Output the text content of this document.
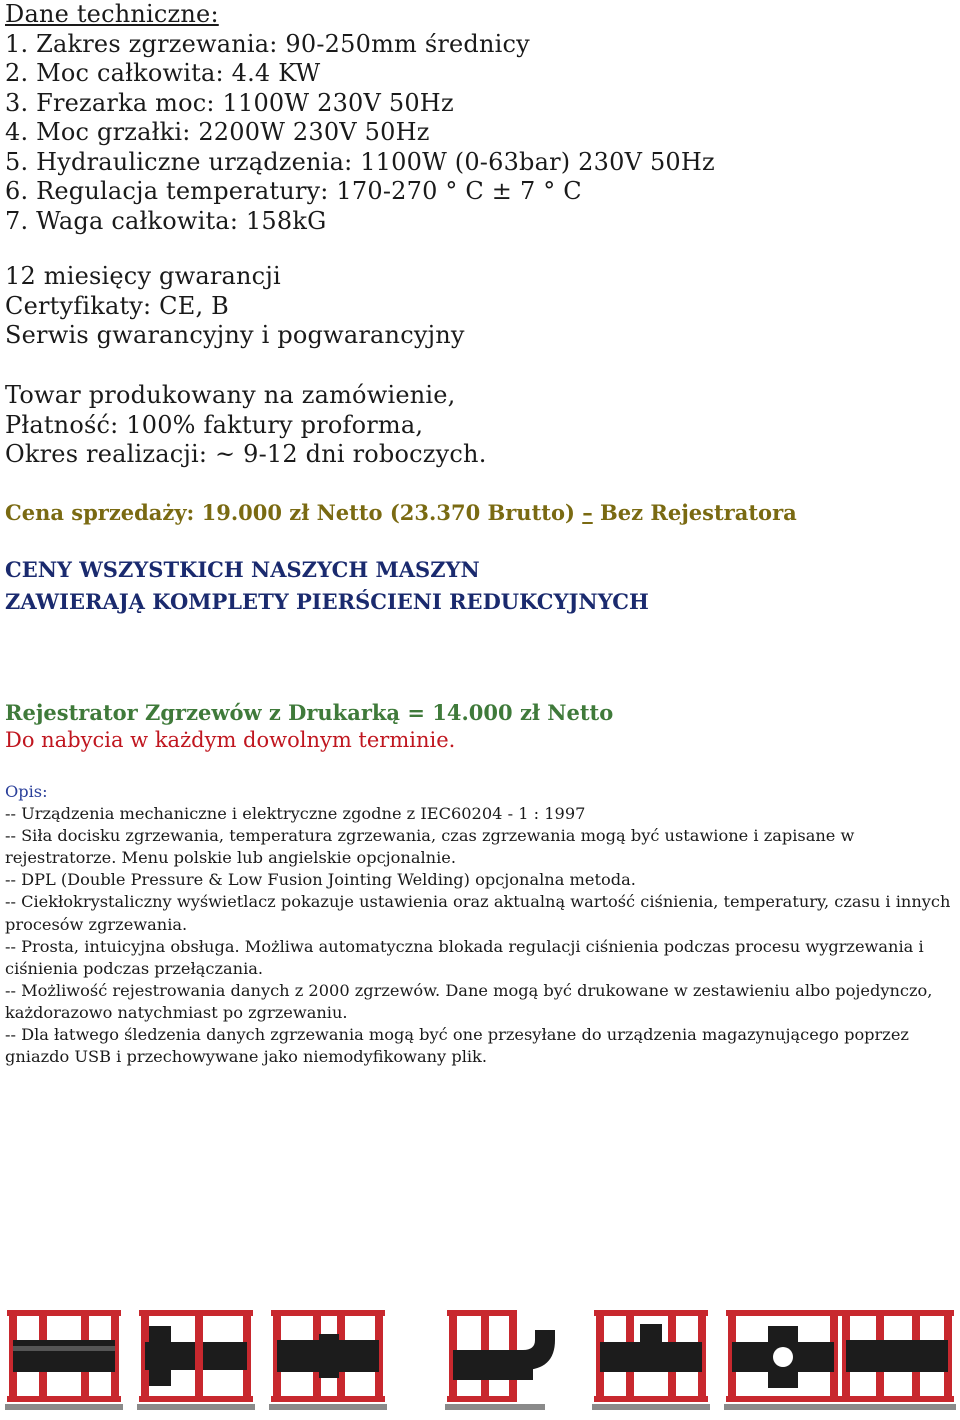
Dane techniczne:
1. Zakres zgrzewania: 90-250mm średnicy
2. Moc całkowita: 4.4 KW
3. Frezarka moc: 1100W 230V 50Hz
4. Moc grzałki: 2200W 230V 50Hz
5. Hydrauliczne urządzenia: 1100W (0-63bar) 230V 50Hz
6. Regulacja temperatury: 170-270 ° C ± 7 ° C
7. Waga całkowita: 158kG
12 miesięcy gwarancji
Certyfikaty: CE, B
Serwis gwarancyjny i pogwarancyjny
Towar produkowany na zamówienie,
Płatność: 100% faktury proforma,
Okres realizacji: ~ 9-12 dni roboczych.
Cena sprzedaży: 19.000 zł Netto (23.370 Brutto) – Bez Rejestratora
CENY WSZYSTKICH NASZYCH MASZYN
ZAWIERAJĄ KOMPLETY PIERŚCIENI REDUKCYJNYCH
Rejestrator Zgrzewów z Drukarką = 14.000 zł Netto
Do nabycia w każdym dowolnym terminie.
Opis:
-- Urządzenia mechaniczne i elektryczne zgodne z IEC60204 - 1 : 1997
-- Siła docisku zgrzewania, temperatura zgrzewania, czas zgrzewania mogą być ustawione i zapisane w rejestratorze. Menu polskie lub angielskie opcjonalnie.
-- DPL (Double Pressure & Low Fusion Jointing Welding) opcjonalna metoda.
-- Ciekłokrystaliczny wyświetlacz pokazuje ustawienia oraz aktualną wartość ciśnienia, temperatury, czasu i innych procesów zgrzewania.
-- Prosta, intuicyjna obsługa. Możliwa automatyczna blokada regulacji ciśnienia podczas procesu wygrzewania i ciśnienia podczas przełączania.
-- Możliwość rejestrowania danych z 2000 zgrzewów. Dane mogą być drukowane w zestawieniu albo pojedynczo, każdorazowo natychmiast po zgrzewaniu.
-- Dla łatwego śledzenia danych zgrzewania mogą być one przesyłane do urządzenia magazynującego poprzez gniazdo USB i przechowywane jako niemodyfikowany plik.
